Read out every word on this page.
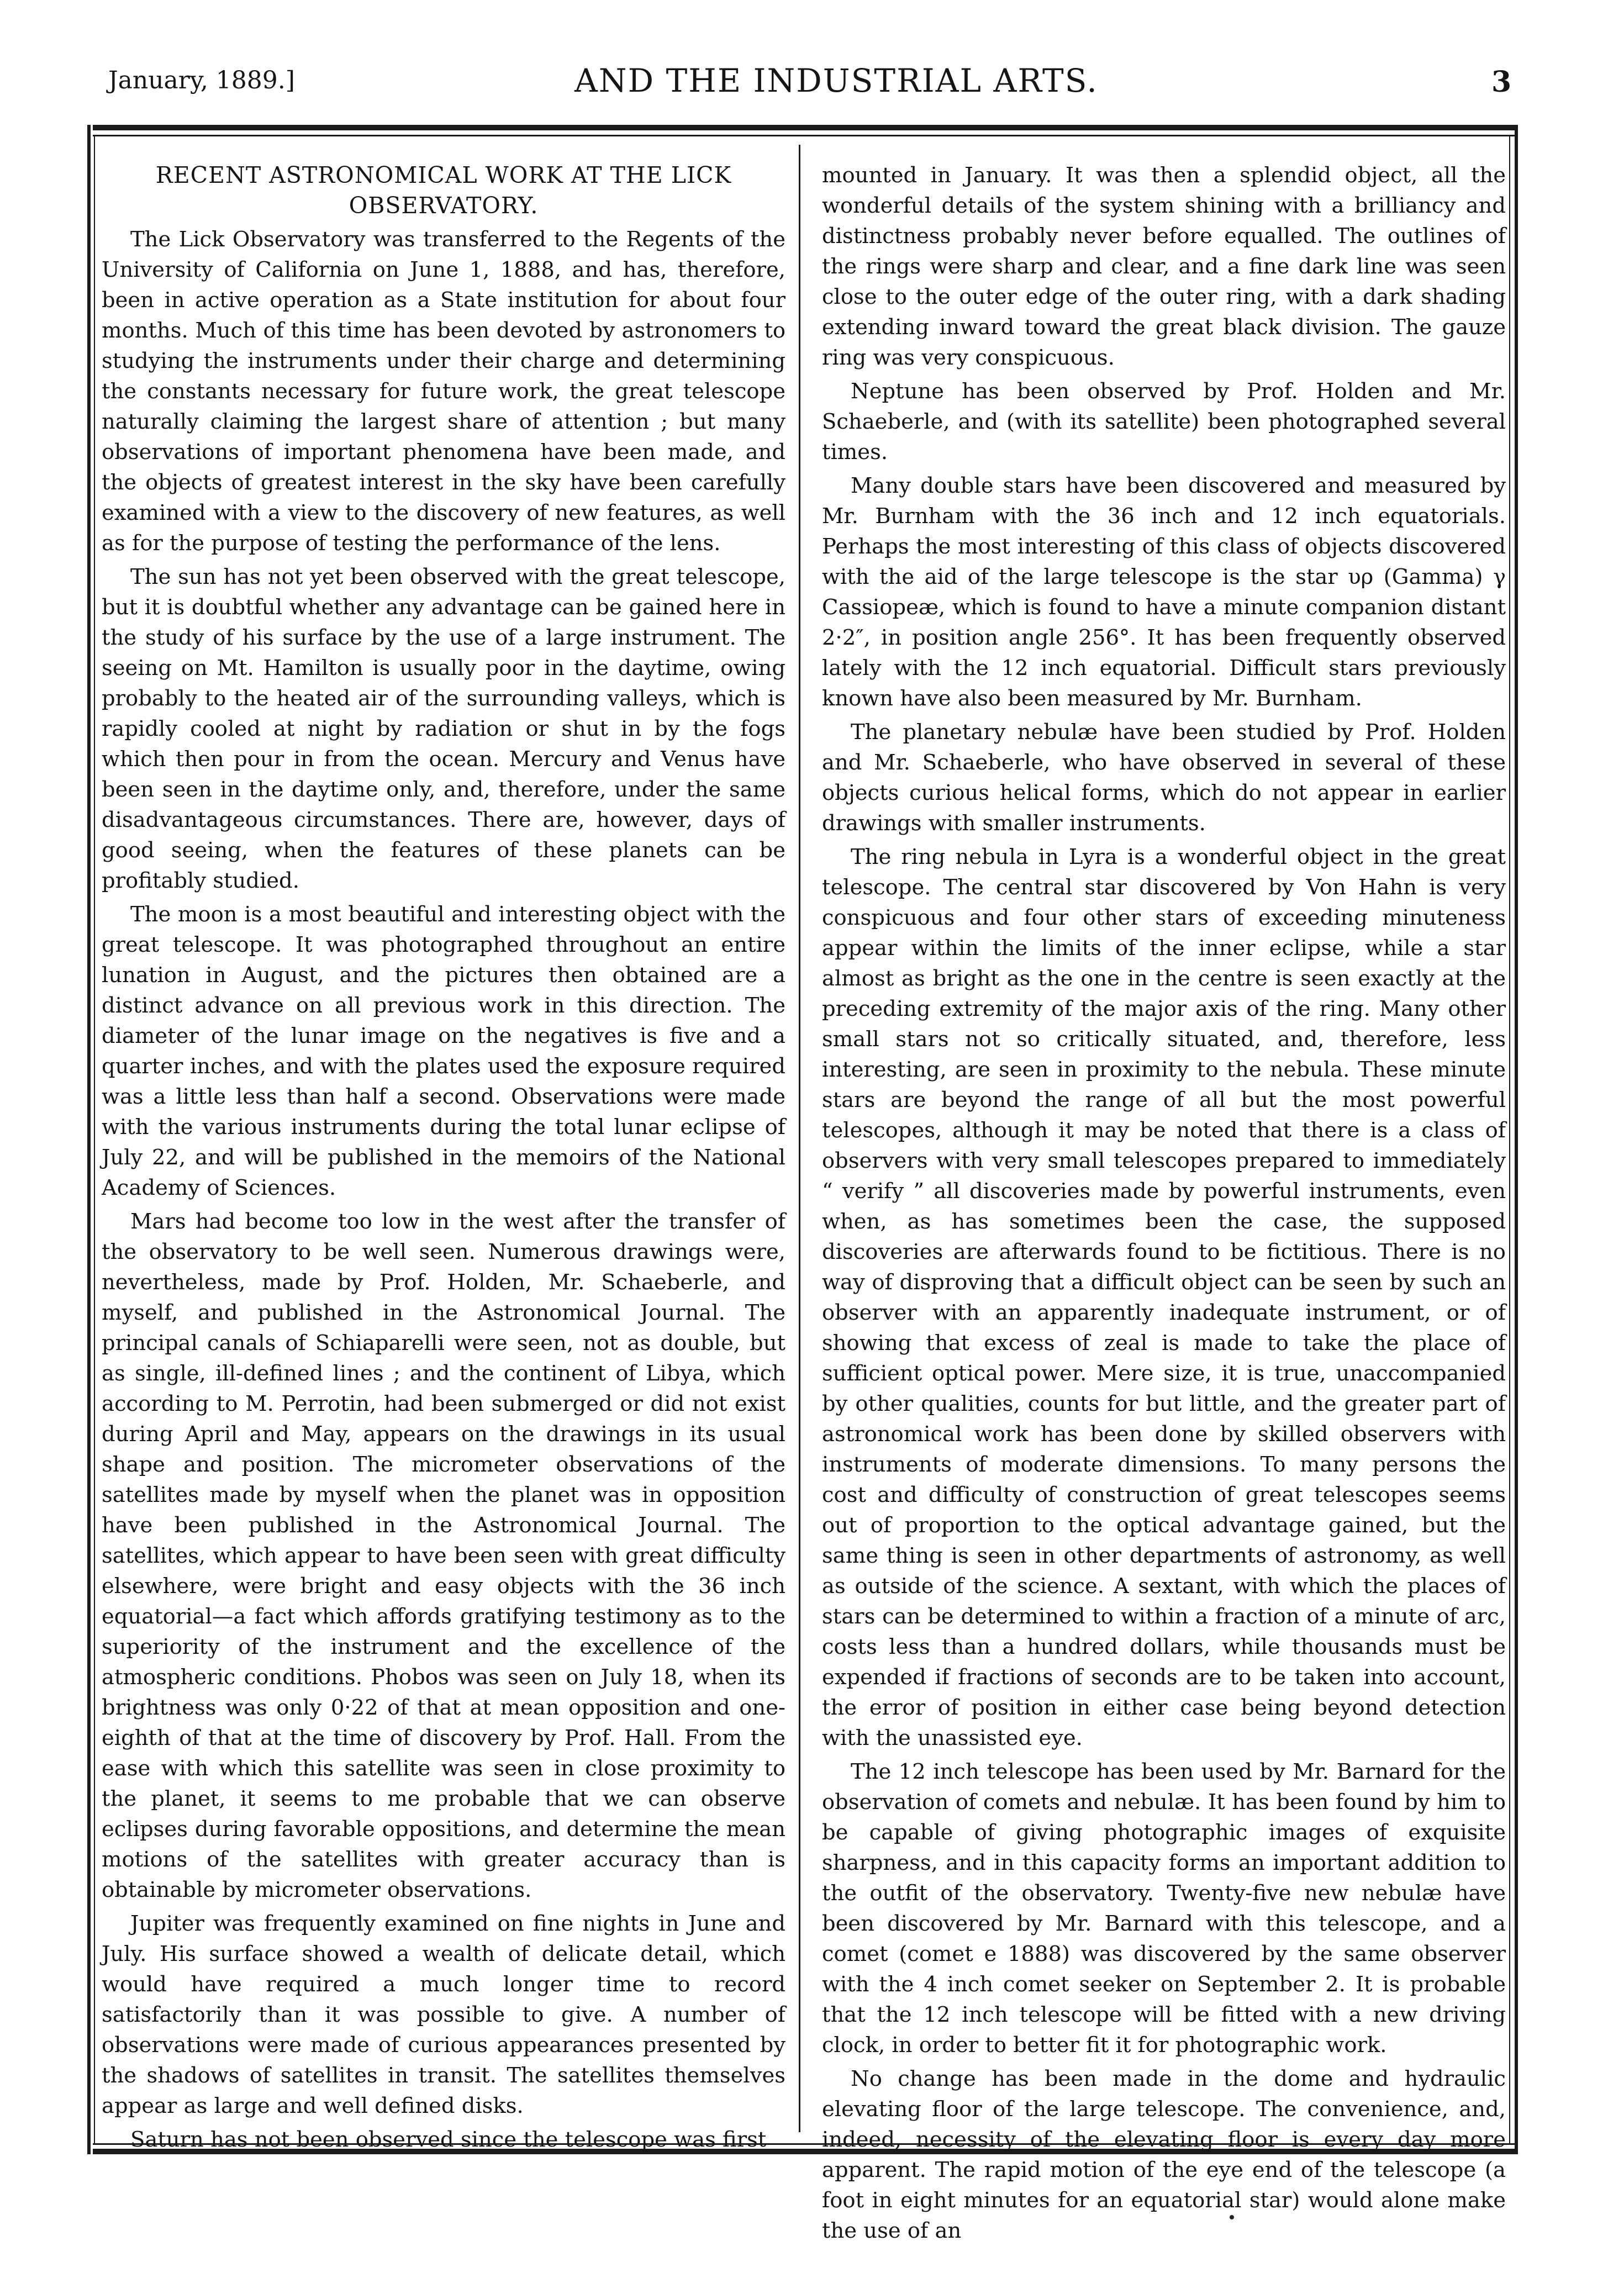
January, 1889.]	AND THE INDUSTRIAL ARTS.	3
RECENT ASTRONOMICAL WORK AT THE LICK OBSERVATORY.

The Lick Observatory was transferred to the Regents of the University of California on June 1, 1888, and has, therefore, been in active operation as a State institution for about four months. Much of this time has been devoted by astronomers to studying the instruments under their charge and determining the constants necessary for future work, the great telescope naturally claiming the largest share of attention ; but many observations of important phenomena have been made, and the objects of greatest interest in the sky have been carefully examined with a view to the discovery of new features, as well as for the purpose of testing the performance of the lens.

The sun has not yet been observed with the great telescope, but it is doubtful whether any advantage can be gained here in the study of his surface by the use of a large instrument. The seeing on Mt. Hamilton is usually poor in the daytime, owing probably to the heated air of the surrounding valleys, which is rapidly cooled at night by radiation or shut in by the fogs which then pour in from the ocean. Mercury and Venus have been seen in the daytime only, and, therefore, under the same disadvantageous circumstances. There are, however, days of good seeing, when the features of these planets can be profitably studied.

The moon is a most beautiful and interesting object with the great telescope. It was photographed throughout an entire lunation in August, and the pictures then obtained are a distinct advance on all previous work in this direction. The diameter of the lunar image on the negatives is five and a quarter inches, and with the plates used the exposure required was a little less than half a second. Observations were made with the various instruments during the total lunar eclipse of July 22, and will be published in the memoirs of the National Academy of Sciences.

Mars had become too low in the west after the transfer of the observatory to be well seen. Numerous drawings were, nevertheless, made by Prof. Holden, Mr. Schaeberle, and myself, and published in the Astronomical Journal. The principal canals of Schiaparelli were seen, not as double, but as single, ill-defined lines ; and the continent of Libya, which according to M. Perrotin, had been submerged or did not exist during April and May, appears on the drawings in its usual shape and position. The micrometer observations of the satellites made by myself when the planet was in opposition have been published in the Astronomical Journal. The satellites, which appear to have been seen with great difficulty elsewhere, were bright and easy objects with the 36 inch equatorial—a fact which affords gratifying testimony as to the superiority of the instrument and the excellence of the atmospheric conditions. Phobos was seen on July 18, when its brightness was only 0·22 of that at mean opposition and one-eighth of that at the time of discovery by Prof. Hall. From the ease with which this satellite was seen in close proximity to the planet, it seems to me probable that we can observe eclipses during favorable oppositions, and determine the mean motions of the satellites with greater accuracy than is obtainable by micrometer observations.

Jupiter was frequently examined on fine nights in June and July. His surface showed a wealth of delicate detail, which would have required a much longer time to record satisfactorily than it was possible to give. A number of observations were made of curious appearances presented by the shadows of satellites in transit. The satellites themselves appear as large and well defined disks.

Saturn has not been observed since the telescope was first

mounted in January. It was then a splendid object, all the wonderful details of the system shining with a brilliancy and distinctness probably never before equalled. The outlines of the rings were sharp and clear, and a fine dark line was seen close to the outer edge of the outer ring, with a dark shading extending inward toward the great black division. The gauze ring was very conspicuous.

Neptune has been observed by Prof. Holden and Mr. Schaeberle, and (with its satellite) been photographed several times.

Many double stars have been discovered and measured by Mr. Burnham with the 36 inch and 12 inch equatorials. Perhaps the most interesting of this class of objects discovered with the aid of the large telescope is the star υρ (Gamma) γ Cassiopeæ, which is found to have a minute companion distant 2·2″, in position angle 256°. It has been frequently observed lately with the 12 inch equatorial. Difficult stars previously known have also been measured by Mr. Burnham.

The planetary nebulæ have been studied by Prof. Holden and Mr. Schaeberle, who have observed in several of these objects curious helical forms, which do not appear in earlier drawings with smaller instruments.

The ring nebula in Lyra is a wonderful object in the great telescope. The central star discovered by Von Hahn is very conspicuous and four other stars of exceeding minuteness appear within the limits of the inner eclipse, while a star almost as bright as the one in the centre is seen exactly at the preceding extremity of the major axis of the ring. Many other small stars not so critically situated, and, therefore, less interesting, are seen in proximity to the nebula. These minute stars are beyond the range of all but the most powerful telescopes, although it may be noted that there is a class of observers with very small telescopes prepared to immediately “ verify ” all discoveries made by powerful instruments, even when, as has sometimes been the case, the supposed discoveries are afterwards found to be fictitious. There is no way of disproving that a difficult object can be seen by such an observer with an apparently inadequate instrument, or of showing that excess of zeal is made to take the place of sufficient optical power. Mere size, it is true, unaccompanied by other qualities, counts for but little, and the greater part of astronomical work has been done by skilled observers with instruments of moderate dimensions. To many persons the cost and difficulty of construction of great telescopes seems out of proportion to the optical advantage gained, but the same thing is seen in other departments of astronomy, as well as outside of the science. A sextant, with which the places of stars can be determined to within a fraction of a minute of arc, costs less than a hundred dollars, while thousands must be expended if fractions of seconds are to be taken into account, the error of position in either case being beyond detection with the unassisted eye.

The 12 inch telescope has been used by Mr. Barnard for the observation of comets and nebulæ. It has been found by him to be capable of giving photographic images of exquisite sharpness, and in this capacity forms an important addition to the outfit of the observatory. Twenty-five new nebulæ have been discovered by Mr. Barnard with this telescope, and a comet (comet e 1888) was discovered by the same observer with the 4 inch comet seeker on September 2. It is probable that the 12 inch telescope will be fitted with a new driving clock, in order to better fit it for photographic work.

No change has been made in the dome and hydraulic elevating floor of the large telescope. The convenience, and, indeed, necessity of the elevating floor is every day more apparent. The rapid motion of the eye end of the telescope (a foot in eight minutes for an equatorial star) would alone make the use of an
